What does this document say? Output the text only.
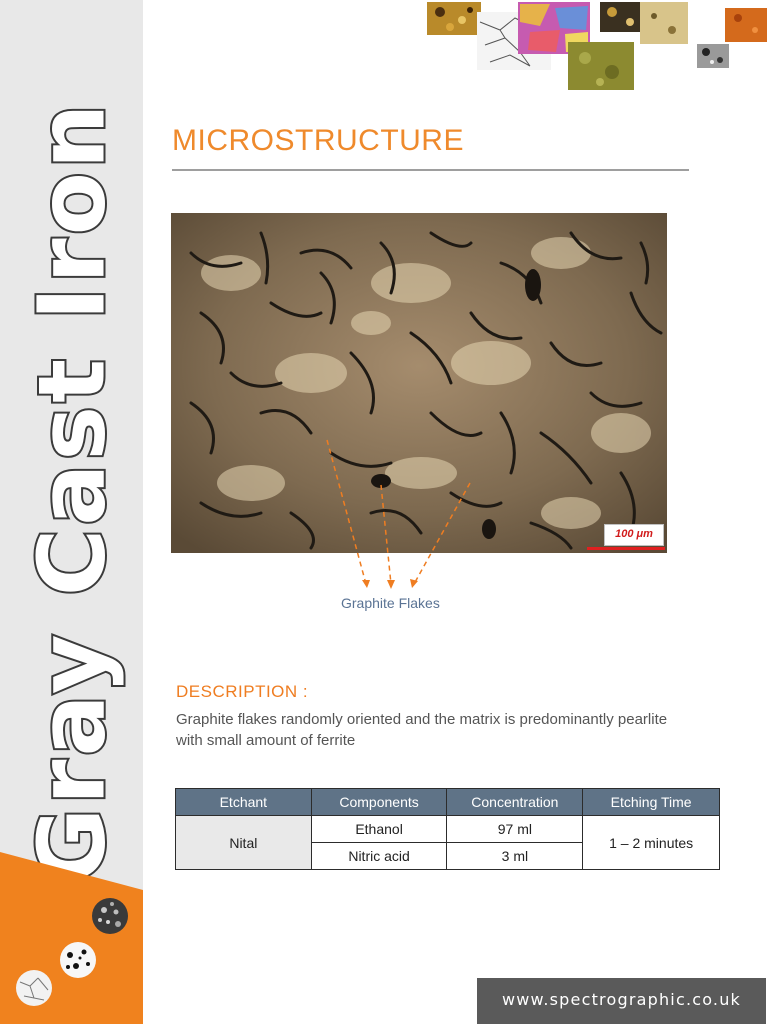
Gray Cast Iron MICROSTRUCTURE
100 μm
Graphite Flakes
DESCRIPTION :
Graphite flakes randomly oriented and the matrix is predominantly pearlite with small amount of ferrite
Etchant	Components	Concentration	Etching Time
Nital	Ethanol	97 ml	1 – 2 minutes
	Nitric acid	3 ml	
www.spectrographic.co.uk
